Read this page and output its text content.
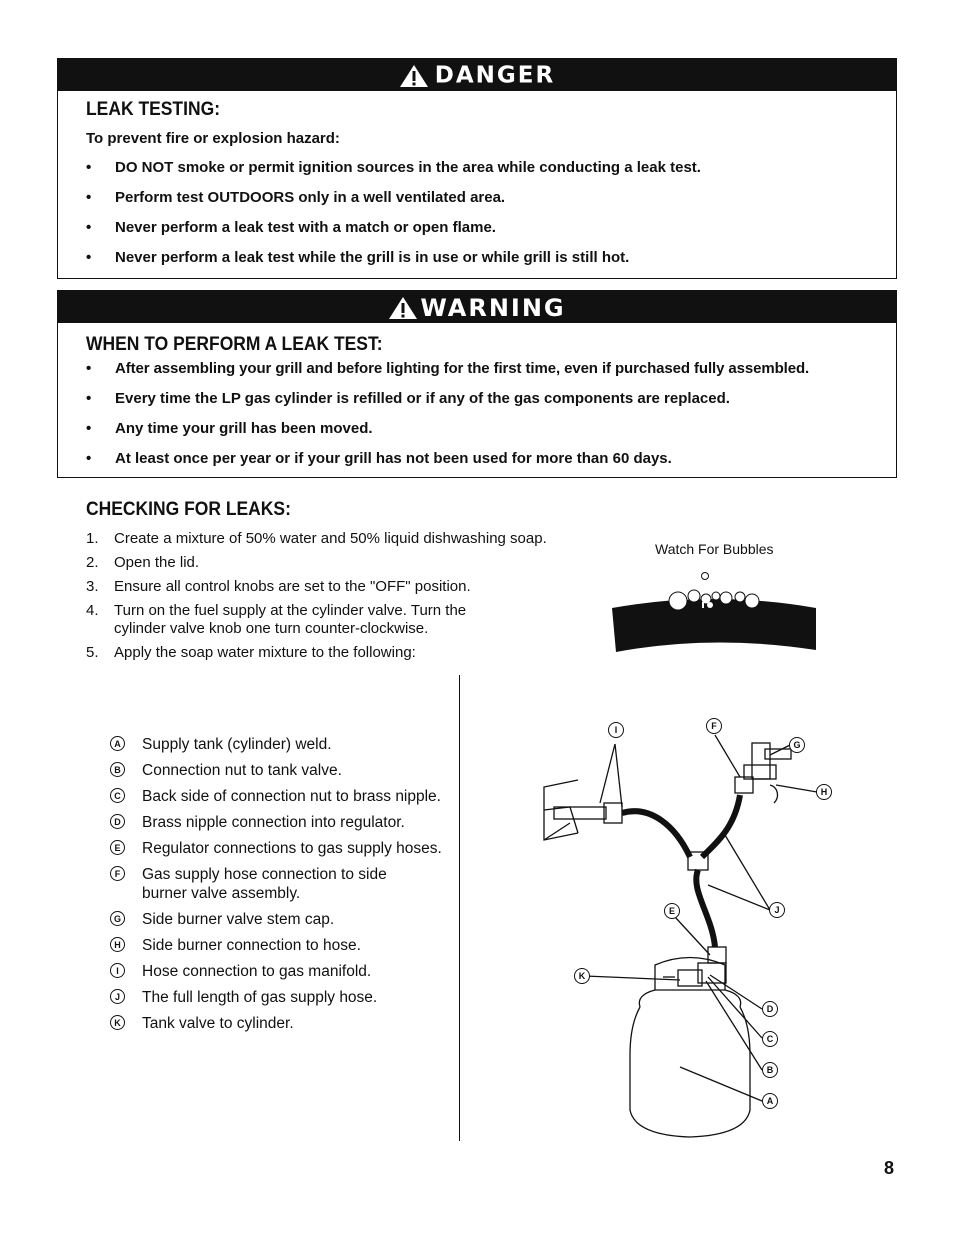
DANGER
LEAK TESTING:
To prevent fire or explosion hazard:
• DO NOT smoke or permit ignition sources in the area while conducting a leak test.
• Perform test OUTDOORS only in a well ventilated area.
• Never perform a leak test with a match or open flame.
• Never perform a leak test while the grill is in use or while grill is still hot.
WARNING
WHEN TO PERFORM A LEAK TEST:
• After assembling your grill and before lighting for the first time, even if purchased fully assembled.
• Every time the LP gas cylinder is refilled or if any of the gas components are replaced.
• Any time your grill has been moved.
• At least once per year or if your grill has not been used for more than 60 days.
CHECKING FOR LEAKS:
1. Create a mixture of 50% water and 50% liquid dishwashing soap.
2. Open the lid.
3. Ensure all control knobs are set to the "OFF" position.
4. Turn on the fuel supply at the cylinder valve. Turn the cylinder valve knob one turn counter-clockwise.
5. Apply the soap water mixture to the following:
Watch For Bubbles
A Supply tank (cylinder) weld.
B Connection nut to tank valve.
C Back side of connection nut to brass nipple.
D Brass nipple connection into regulator.
E Regulator connections to gas supply hoses.
F	Gas supply hose connection to side burner valve assembly.
G Side burner valve stem cap.
H Side burner connection to hose.
I	Hose connection to gas manifold.
J	The full length of gas supply hose.
K Tank valve to cylinder.
I	F
G
H
J
E
K
D
C
B
A
8
